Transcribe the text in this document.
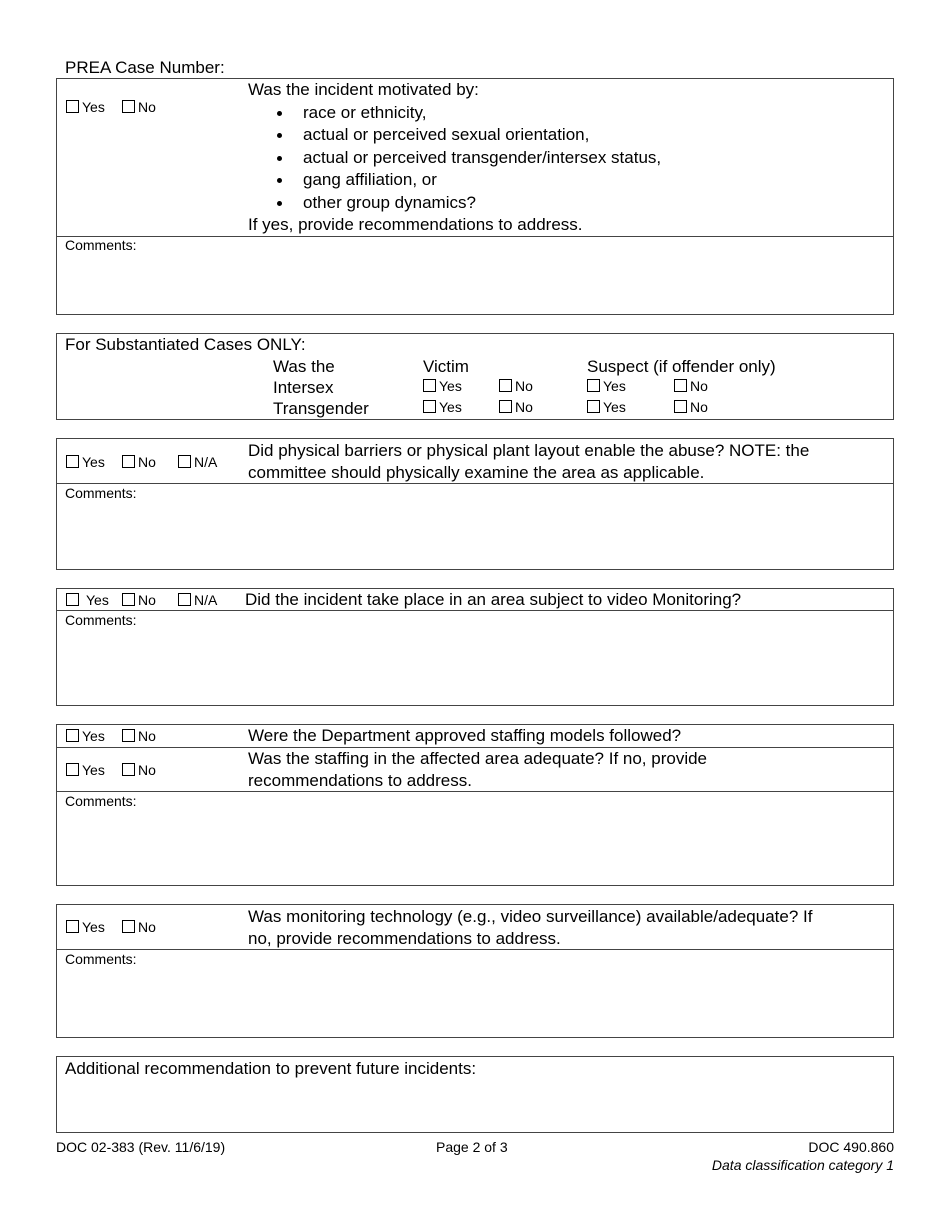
PREA Case Number:
Yes	No
Was the incident motivated by:
race or ethnicity,
actual or perceived sexual orientation,
actual or perceived transgender/intersex status,
gang affiliation, or
other group dynamics?
If yes, provide recommendations to address.
Comments:
For Substantiated Cases ONLY:
Was the	Victim	Suspect (if offender only)
Intersex	Yes	No	Yes	No
Transgender	Yes	No	Yes	No
Yes	No	N/A
Did physical barriers or physical plant layout enable the abuse? NOTE: the
committee should physically examine the area as applicable.
Comments:
Yes	No	N/A Did the incident take place in an area subject to video Monitoring?
Comments:
Yes	No	Were the Department approved staffing models followed?
Yes	No
Was the staffing in the affected area adequate? If no, provide
recommendations to address.
Comments:
Yes	No
Was monitoring technology (e.g., video surveillance) available/adequate? If
no, provide recommendations to address.
Comments:
Additional recommendation to prevent future incidents:
DOC 02-383 (Rev. 11/6/19)	Page 2 of 3	DOC 490.860
Data classification category 1
